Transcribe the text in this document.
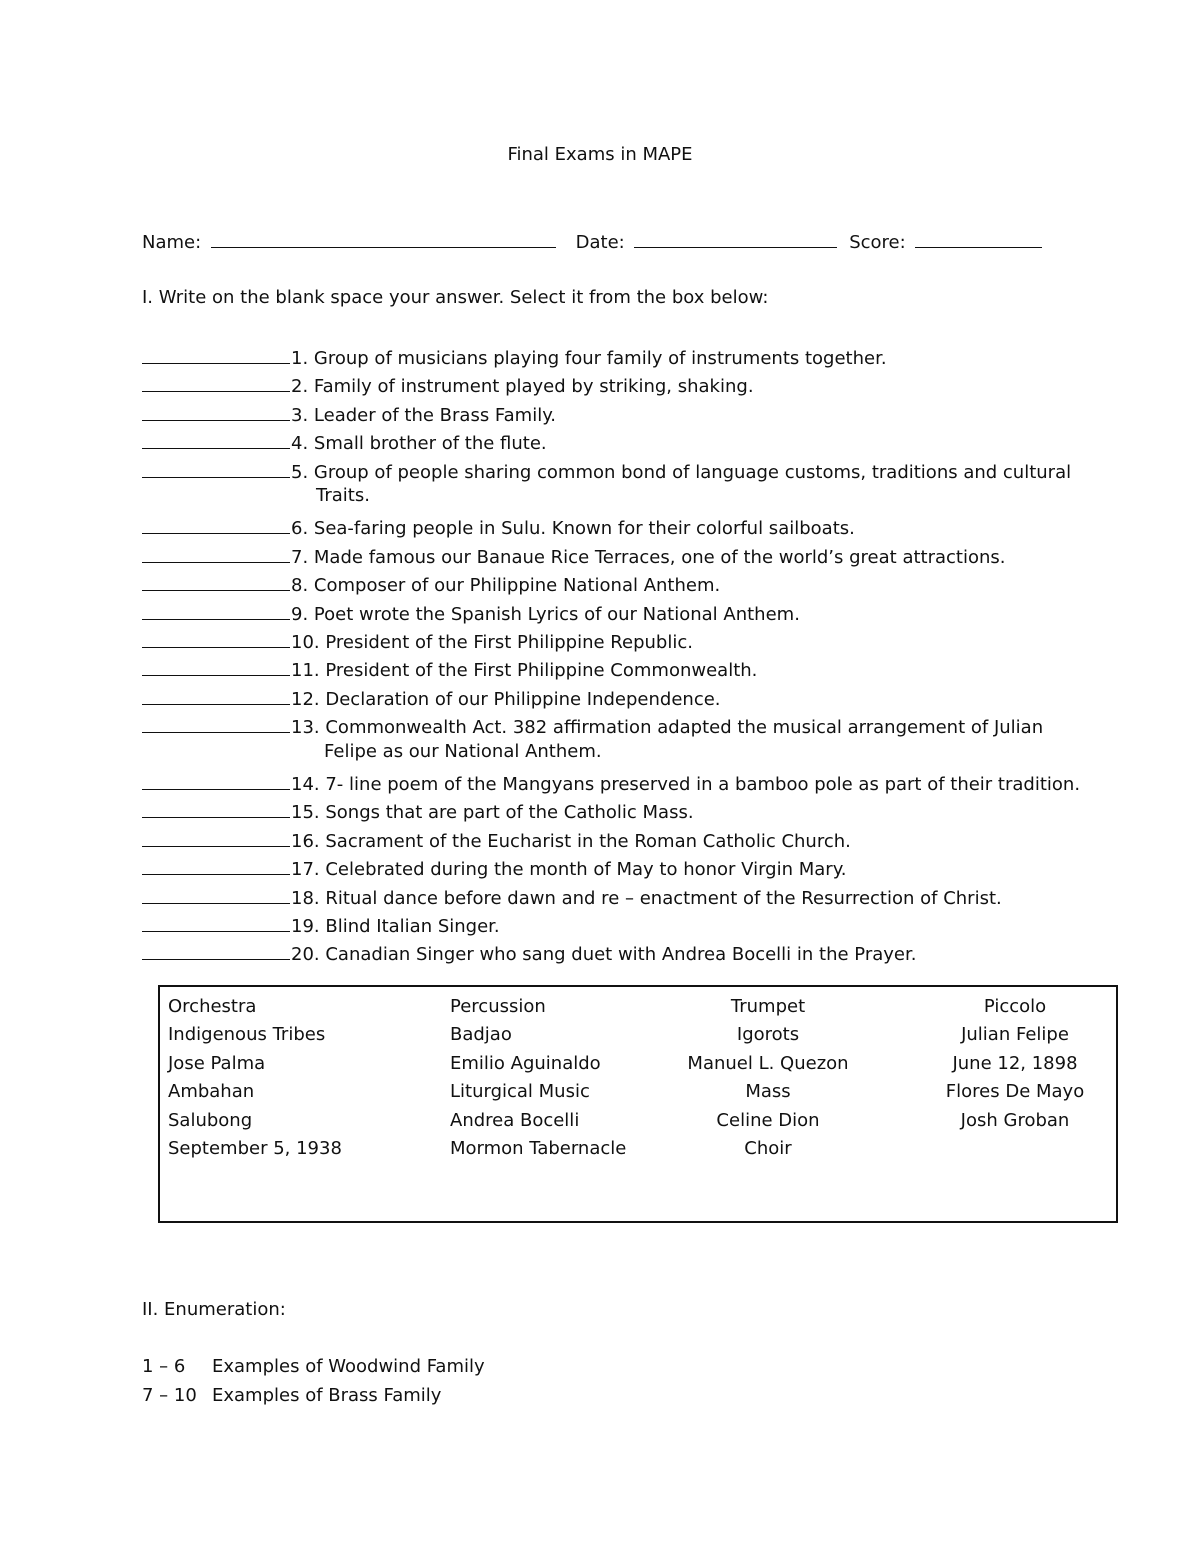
Final Exams in MAPE
Name:	Date:	Score:
I. Write on the blank space your answer. Select it from the box below:
1. Group of musicians playing four family of instruments together.
2. Family of instrument played by striking, shaking.
3. Leader of the Brass Family.
4. Small brother of the flute.
5. Group of people sharing common bond of language customs, traditions and cultural
Traits.
6. Sea-faring people in Sulu. Known for their colorful sailboats.
7. Made famous our Banaue Rice Terraces, one of the world’s great attractions.
8. Composer of our Philippine National Anthem.
9. Poet wrote the Spanish Lyrics of our National Anthem.
10. President of the First Philippine Republic.
11. President of the First Philippine Commonwealth.
12. Declaration of our Philippine Independence.
13. Commonwealth Act. 382 affirmation adapted the musical arrangement of Julian
Felipe as our National Anthem.
14. 7- line poem of the Mangyans preserved in a bamboo pole as part of their tradition.
15. Songs that are part of the Catholic Mass.
16. Sacrament of the Eucharist in the Roman Catholic Church.
17. Celebrated during the month of May to honor Virgin Mary.
18. Ritual dance before dawn and re – enactment of the Resurrection of Christ.
19. Blind Italian Singer.
20. Canadian Singer who sang duet with Andrea Bocelli in the Prayer.
Orchestra	Percussion	Trumpet	Piccolo
Indigenous Tribes	Badjao	Igorots	Julian Felipe
Jose Palma	Emilio Aguinaldo	Manuel L. Quezon	June 12, 1898
Ambahan	Liturgical Music	Mass	Flores De Mayo
Salubong	Andrea Bocelli	Celine Dion	Josh Groban
September 5, 1938	Mormon Tabernacle	Choir
II. Enumeration:
1 – 6 Examples of Woodwind Family
7 – 10 Examples of Brass Family
